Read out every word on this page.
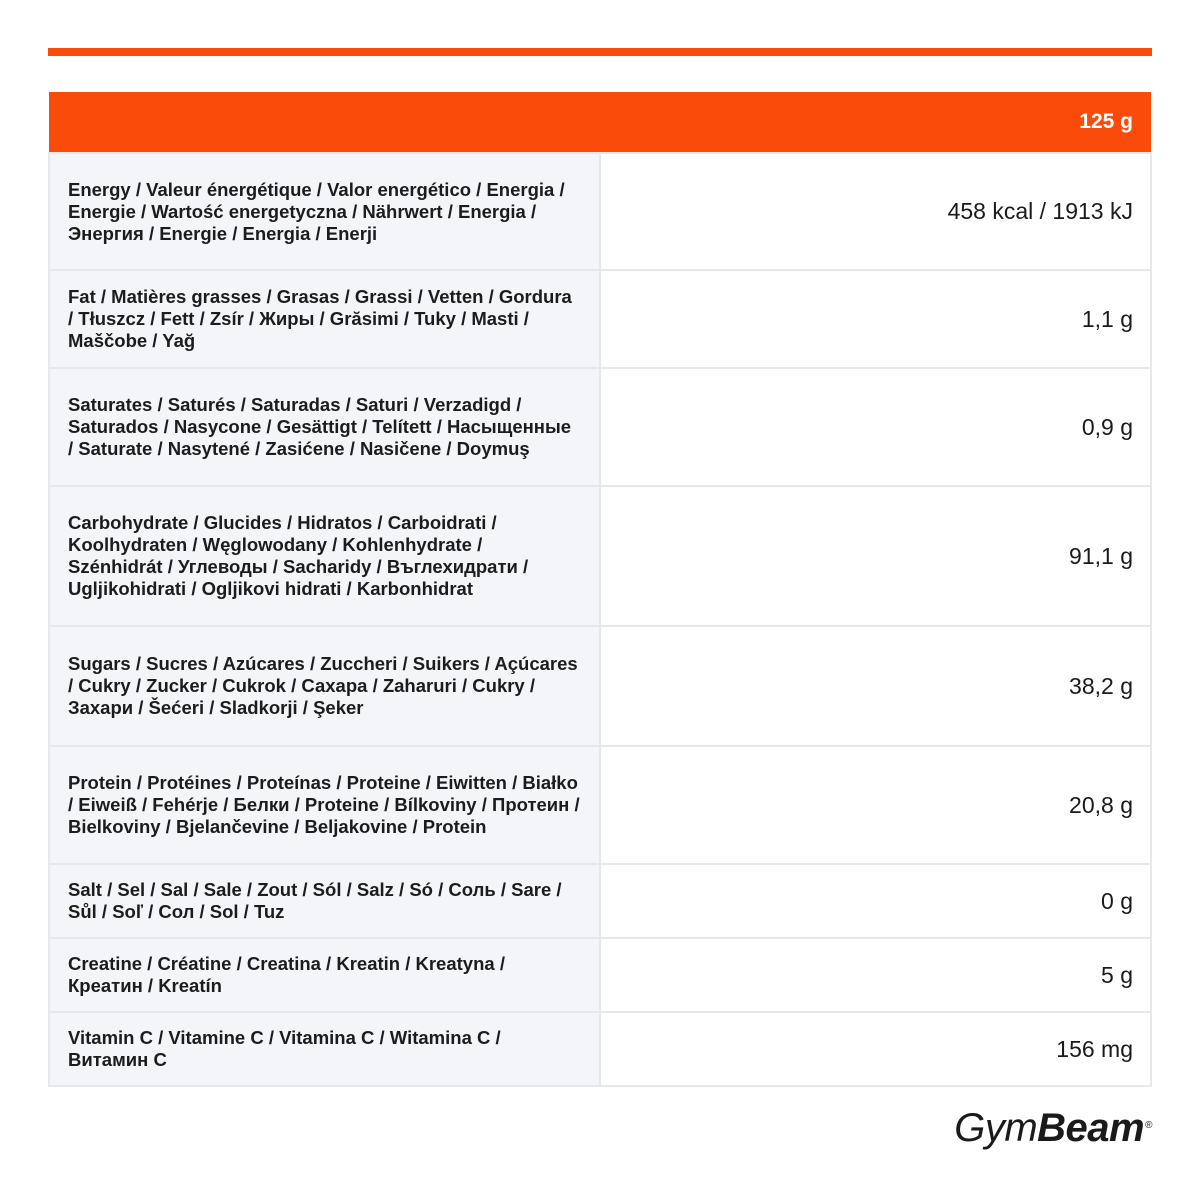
	125 g
Energy / Valeur énergétique / Valor energético / Energia / Energie / Wartość energetyczna / Nährwert / Energia / Энергия / Energie / Energia / Enerji	458 kcal / 1913 kJ
Fat / Matières grasses / Grasas / Grassi / Vetten / Gordura / Tłuszcz / Fett / Zsír / Жиры / Grăsimi / Tuky / Masti / Maščobe / Yağ	1,1 g
Saturates / Saturés / Saturadas / Saturi / Verzadigd / Saturados / Nasycone / Gesättigt / Telített / Насыщенные / Saturate / Nasytené / Zasićene / Nasičene / Doymuş	0,9 g
Carbohydrate / Glucides / Hidratos / Carboidrati / Koolhydraten / Węglowodany / Kohlenhydrate / Szénhidrát / Углеводы / Sacharidy / Въглехидрати / Ugljikohidrati / Ogljikovi hidrati / Karbonhidrat	91,1 g
Sugars / Sucres / Azúcares / Zuccheri / Suikers / Açúcares / Cukry / Zucker / Cukrok / Сахара / Zaharuri / Cukry / Захари / Šećeri / Sladkorji / Şeker	38,2 g
Protein / Protéines / Proteínas / Proteine / Eiwitten / Białko / Eiweiß / Fehérje / Белки / Proteine / Bílkoviny / Протеин / Bielkoviny / Bjelančevine / Beljakovine / Protein	20,8 g
Salt / Sel / Sal / Sale / Zout / Sól / Salz / Só / Соль / Sare / Sůl / Soľ / Сол / Sol / Tuz	0 g
Creatine / Créatine / Creatina / Kreatin / Kreatyna / Креатин / Kreatín	5 g
Vitamin C / Vitamine C / Vitamina C / Witamina C / Витамин C	156 mg
GymBeam®
